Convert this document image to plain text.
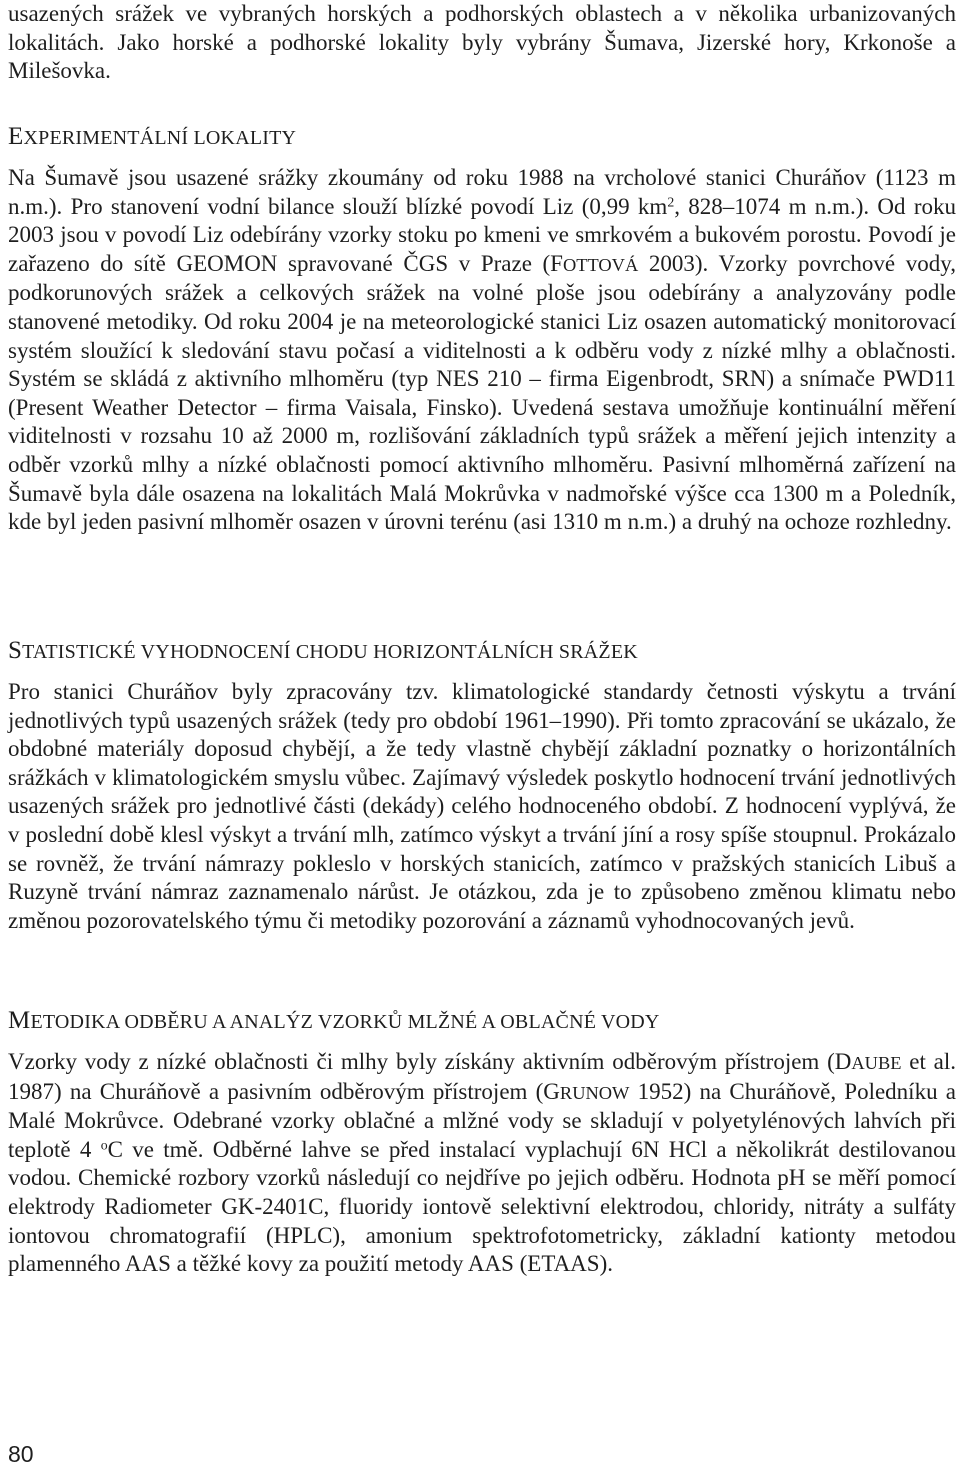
usazených srážek ve vybraných horských a podhorských oblastech a v několika urbanizovaných lokalitách. Jako horské a podhorské lokality byly vybrány Šumava, Jizerské hory, Krkonoše a Milešovka.

EXPERIMENTÁLNÍ LOKALITY

Na Šumavě jsou usazené srážky zkoumány od roku 1988 na vrcholové stanici Churáňov (1123 m n.m.). Pro stanovení vodní bilance slouží blízké povodí Liz (0,99 $km^2$, 828–1074 m n.m.). Od roku 2003 jsou v povodí Liz odebírány vzorky stoku po kmeni ve smrkovém a bukovém porostu. Povodí je zařazeno do sítě GEOMON spravované ČGS v Praze (FOTTOVÁ 2003). Vzorky povrchové vody, podkorunových srážek a celkových srážek na volné ploše jsou odebírány a analyzovány podle stanovené metodiky. Od roku 2004 je na meteorologické stanici Liz osazen automatický monitorovací systém sloužící k sledování stavu počasí a viditelnosti a k odběru vody z nízké mlhy a oblačnosti. Systém se skládá z aktivního mlhoměru (typ NES 210 – firma Eigenbrodt, SRN) a snímače PWD11 (Present Weather Detector – firma Vaisala, Finsko). Uvedená sestava umožňuje kontinuální měření viditelnosti v rozsahu 10 až 2000 m, rozlišování základních typů srážek a měření jejich intenzity a odběr vzorků mlhy a nízké oblačnosti pomocí aktivního mlhoměru. Pasivní mlhoměrná zařízení na Šumavě byla dále osazena na lokalitách Malá Mokrůvka v nadmořské výšce cca 1300 m a Poledník, kde byl jeden pasivní mlhoměr osazen v úrovni terénu (asi 1310 m n.m.) a druhý na ochoze rozhledny.

STATISTICKÉ VYHODNOCENÍ CHODU HORIZONTÁLNÍCH SRÁŽEK

Pro stanici Churáňov byly zpracovány tzv. klimatologické standardy četnosti výskytu a trvání jednotlivých typů usazených srážek (tedy pro období 1961–1990). Při tomto zpracování se ukázalo, že obdobné materiály doposud chybějí, a že tedy vlastně chybějí základní poznatky o horizontálních srážkách v klimatologickém smyslu vůbec. Zajímavý výsledek poskytlo hodnocení trvání jednotlivých usazených srážek pro jednotlivé části (dekády) celého hodnoceného období. Z hodnocení vyplývá, že v poslední době klesl výskyt a trvání mlh, zatímco výskyt a trvání jíní a rosy spíše stoupnul. Prokázalo se rovněž, že trvání námrazy pokleslo v horských stanicích, zatímco v pražských stanicích Libuš a Ruzyně trvání námraz zaznamenalo nárůst. Je otázkou, zda je to způsobeno změnou klimatu nebo změnou pozorovatelského týmu či metodiky pozorování a záznamů vyhodnocovaných jevů.

METODIKA ODBĚRU A ANALÝZ VZORKŮ MLŽNÉ A OBLAČNÉ VODY

Vzorky vody z nízké oblačnosti či mlhy byly získány aktivním odběrovým přístrojem (DAUBE et al. 1987) na Churáňově a pasivním odběrovým přístrojem (GRUNOW 1952) na Churáňově, Poledníku a Malé Mokrůvce. Odebrané vzorky oblačné a mlžné vody se skladují v polyetylénových lahvích při teplotě 4 $^o$C ve tmě. Odběrné lahve se před instalací vyplachují 6N HCl a několikrát destilovanou vodou. Chemické rozbory vzorků následují co nejdříve po jejich odběru. Hodnota pH se měří pomocí elektrody Radiometer GK-2401C, fluoridy iontově selektivní elektrodou, chloridy, nitráty a sulfáty iontovou chromatografií (HPLC), amonium spektrofotometricky, základní kationty metodou plamenného AAS a těžké kovy za použití metody AAS (ETAAS).

80
